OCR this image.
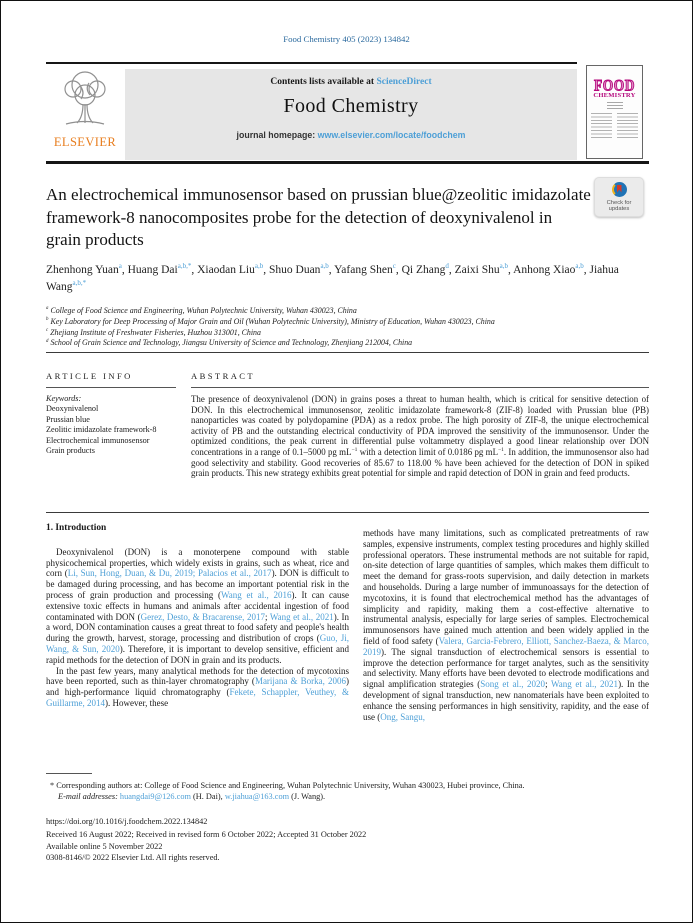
Food Chemistry 405 (2023) 134842
ELSEVIER
Contents lists available at ScienceDirect
Food Chemistry
journal homepage: www.elsevier.com/locate/foodchem
FOOD
CHEMISTRY
An electrochemical immunosensor based on prussian blue@zeolitic imidazolate framework-8 nanocomposites probe for the detection of deoxynivalenol in grain products
Check for updates
Zhenhong Yuan$^a$, Huang Dai$^{a,b,*}$, Xiaodan Liu$^{a,b}$, Shuo Duan$^{a,b}$, Yafang Shen$^c$, Qi Zhang$^d$, Zaixi Shu$^{a,b}$, Anhong Xiao$^{a,b}$, Jiahua Wang$^{a,b,*}$
$^a$ College of Food Science and Engineering, Wuhan Polytechnic University, Wuhan 430023, China
$^b$ Key Laboratory for Deep Processing of Major Grain and Oil (Wuhan Polytechnic University), Ministry of Education, Wuhan 430023, China
$^c$ Zhejiang Institute of Freshwater Fisheries, Huzhou 313001, China
$^d$ School of Grain Science and Technology, Jiangsu University of Science and Technology, Zhenjiang 212004, China
ARTICLE INFO	ABSTRACT
Keywords:
Deoxynivalenol
Prussian blue
Zeolitic imidazolate framework-8
Electrochemical immunosensor
Grain products
The presence of deoxynivalenol (DON) in grains poses a threat to human health, which is critical for sensitive detection of DON. In this electrochemical immunosensor, zeolitic imidazolate framework-8 (ZIF-8) loaded with Prussian blue (PB) nanoparticles was coated by polydopamine (PDA) as a redox probe. The high porosity of ZIF-8, the unique electrochemical activity of PB and the outstanding electrical conductivity of PDA improved the sensitivity of the immunosensor. Under the optimized conditions, the peak current in differential pulse voltammetry displayed a good linear relationship over DON concentrations in a range of 0.1–5000 pg $mL^{-1}$ with a detection limit of 0.0186 pg $mL^{-1}$. In addition, the immunosensor also had good selectivity and stability. Good recoveries of 85.67 to 118.00 % have been achieved for the detection of DON in spiked grain products. This new strategy exhibits great potential for simple and rapid detection of DON in grain and feed products.
1. Introduction
Deoxynivalenol (DON) is a monoterpene compound with stable physicochemical properties, which widely exists in grains, such as wheat, rice and corn (Li, Sun, Hong, Duan, & Du, 2019; Palacios et al., 2017). DON is difficult to be damaged during processing, and has become an important potential risk in the process of grain production and processing (Wang et al., 2016). It can cause extensive toxic effects in humans and animals after accidental ingestion of food contaminated with DON (Gerez, Desto, & Bracarense, 2017; Wang et al., 2021). In a word, DON contamination causes a great threat to food safety and people's health during the growth, harvest, storage, processing and distribution of crops (Guo, Ji, Wang, & Sun, 2020). Therefore, it is important to develop sensitive, efficient and rapid methods for the detection of DON in grain and its products.
In the past few years, many analytical methods for the detection of mycotoxins have been reported, such as thin-layer chromatography (Marijana & Borka, 2006) and high-performance liquid chromatography (Fekete, Schappler, Veuthey, & Guillarme, 2014). However, these
methods have many limitations, such as complicated pretreatments of raw samples, expensive instruments, complex testing procedures and highly skilled professional operators. These instrumental methods are not suitable for rapid, on-site detection of large quantities of samples, which makes them difficult to meet the demand for grass-roots supervision, and daily detection in markets and households. During a large number of immunoassays for the detection of mycotoxins, it is found that electrochemical method has the advantages of simplicity and rapidity, making them a cost-effective alternative to instrumental analysis, especially for large series of samples. Electrochemical immunosensors have gained much attention and been widely applied in the field of food safety (Valera, Garcia-Febrero, Elliott, Sanchez-Baeza, & Marco, 2019). The signal transduction of electrochemical sensors is essential to improve the detection performance for target analytes, such as the sensitivity and selectivity. Many efforts have been devoted to electrode modifications and signal amplification strategies (Song et al., 2020; Wang et al., 2021). In the development of signal transduction, new nanomaterials have been exploited to enhance the sensing performances in high sensitivity, rapidity, and the ease of use (Ong, Sangu,
* Corresponding authors at: College of Food Science and Engineering, Wuhan Polytechnic University, Wuhan 430023, Hubei province, China.
E-mail addresses: huangdai9@126.com (H. Dai), w.jiahua@163.com (J. Wang).
https://doi.org/10.1016/j.foodchem.2022.134842
Received 16 August 2022; Received in revised form 6 October 2022; Accepted 31 October 2022
Available online 5 November 2022
0308-8146/© 2022 Elsevier Ltd. All rights reserved.
